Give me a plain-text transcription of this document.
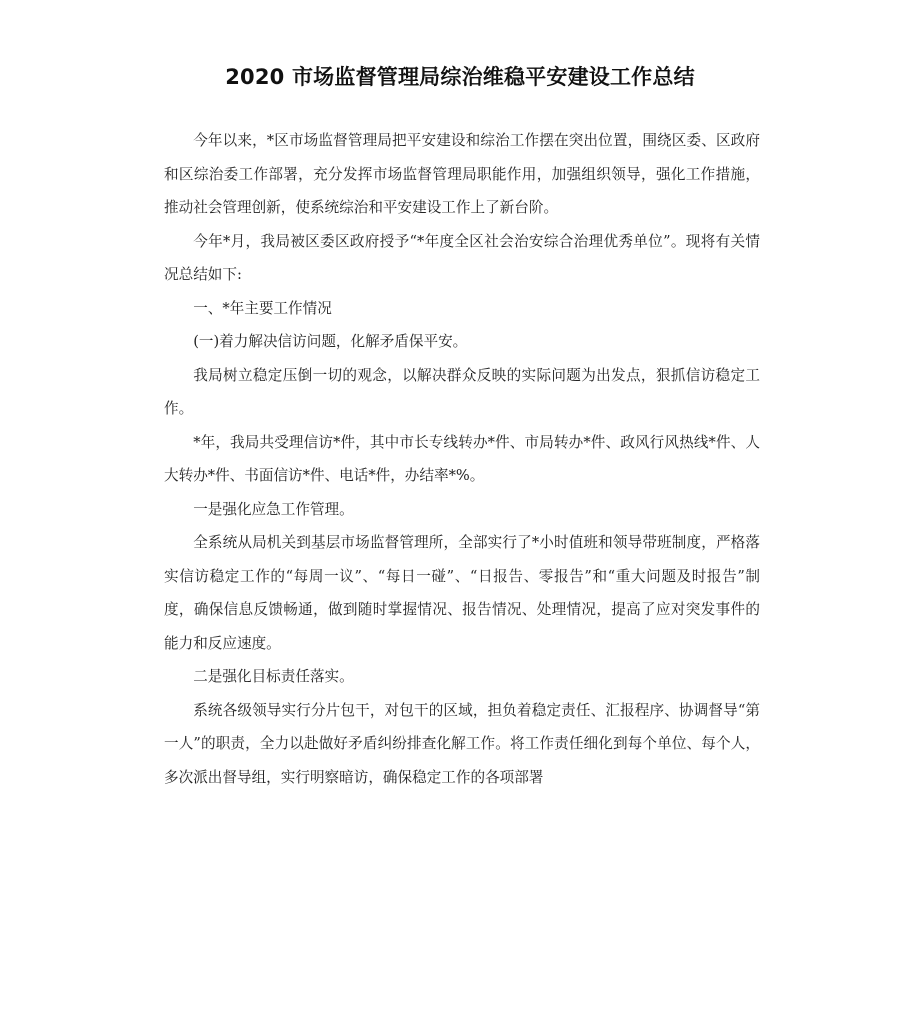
2020 市场监督管理局综治维稳平安建设工作总结

今年以来，*区市场监督管理局把平安建设和综治工作摆在突出位置，围绕区委、区政府和区综治委工作部署，充分发挥市场监督管理局职能作用，加强组织领导，强化工作措施，推动社会管理创新，使系统综治和平安建设工作上了新台阶。

今年*月，我局被区委区政府授予“*年度全区社会治安综合治理优秀单位”。现将有关情况总结如下:

一、*年主要工作情况

(一)着力解决信访问题，化解矛盾保平安。

我局树立稳定压倒一切的观念，以解决群众反映的实际问题为出发点，狠抓信访稳定工作。

*年，我局共受理信访*件，其中市长专线转办*件、市局转办*件、政风行风热线*件、人大转办*件、书面信访*件、电话*件，办结率*%。

一是强化应急工作管理。

全系统从局机关到基层市场监督管理所，全部实行了*小时值班和领导带班制度，严格落实信访稳定工作的“每周一议”、“每日一碰”、“日报告、零报告”和“重大问题及时报告”制度，确保信息反馈畅通，做到随时掌握情况、报告情况、处理情况，提高了应对突发事件的能力和反应速度。

二是强化目标责任落实。

系统各级领导实行分片包干，对包干的区域，担负着稳定责任、汇报程序、协调督导“第一人”的职责，全力以赴做好矛盾纠纷排查化解工作。将工作责任细化到每个单位、每个人，多次派出督导组，实行明察暗访，确保稳定工作的各项部署
